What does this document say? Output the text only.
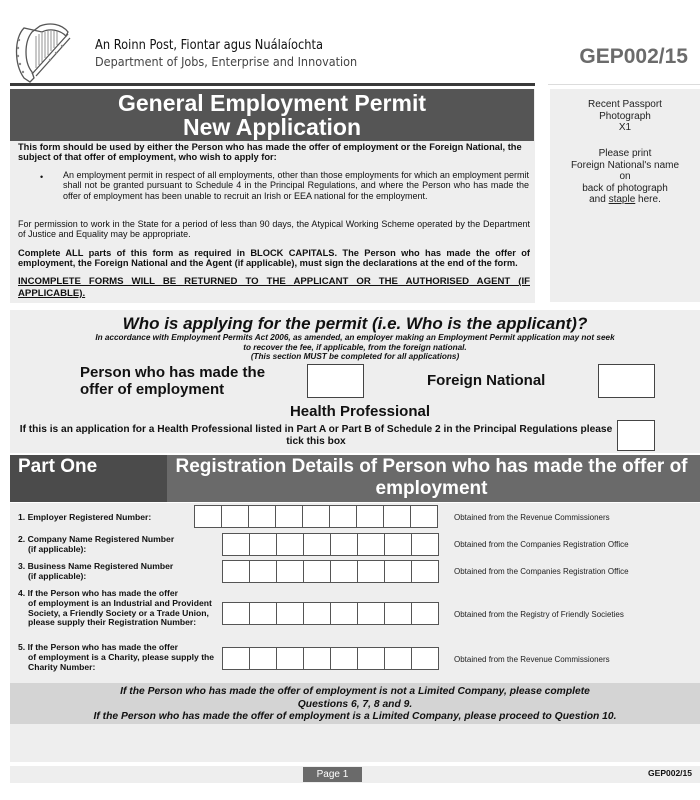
An Roinn Post, Fiontar agus Nuálaíochta
Department of Jobs, Enterprise and Innovation	GEP002/15
General Employment Permit
New Application
This form should be used by either the Person who has made the offer of employment or the Foreign National, the subject of that offer of employment, who wish to apply for:
• An employment permit in respect of all employments, other than those employments for which an employment permit shall not be granted pursuant to Schedule 4 in the Principal Regulations, and where the Person who has made the offer of employment has been unable to recruit an Irish or EEA national for the employment.
For permission to work in the State for a period of less than 90 days, the Atypical Working Scheme operated by the Department of Justice and Equality may be appropriate.
Complete ALL parts of this form as required in BLOCK CAPITALS. The Person who has made the offer of employment, the Foreign National and the Agent (if applicable), must sign the declarations at the end of the form.
INCOMPLETE FORMS WILL BE RETURNED TO THE APPLICANT OR THE AUTHORISED AGENT (IF APPLICABLE).
Recent Passport
Photograph
X1
Please print
Foreign National's name
on
back of photograph
and staple here.
Who is applying for the permit (i.e. Who is the applicant)?
In accordance with Employment Permits Act 2006, as amended, an employer making an Employment Permit application may not seek
to recover the fee, if applicable, from the foreign national.
(This section MUST be completed for all applications)
Person who has made the offer of employment
Foreign National
Health Professional
If this is an application for a Health Professional listed in Part A or Part B of Schedule 2 in the Principal Regulations please tick this box
Part One	Registration Details of Person who has made the offer of employment
1. Employer Registered Number:	Obtained from the Revenue Commissioners
2. Company Name Registered Number
(if applicable):	Obtained from the Companies Registration Office
3. Business Name Registered Number
(if applicable):	Obtained from the Companies Registration Office
4. If the Person who has made the offer
of employment is an Industrial and Provident Society, a Friendly Society or a Trade Union, please supply their Registration Number:
Obtained from the Registry of Friendly Societies
5. If the Person who has made the offer
of employment is a Charity, please supply the Charity Number:
Obtained from the Revenue Commissioners
If the Person who has made the offer of employment is not a Limited Company, please complete
Questions 6, 7, 8 and 9.
If the Person who has made the offer of employment is a Limited Company, please proceed to Question 10.
Page 1	GEP002/15
